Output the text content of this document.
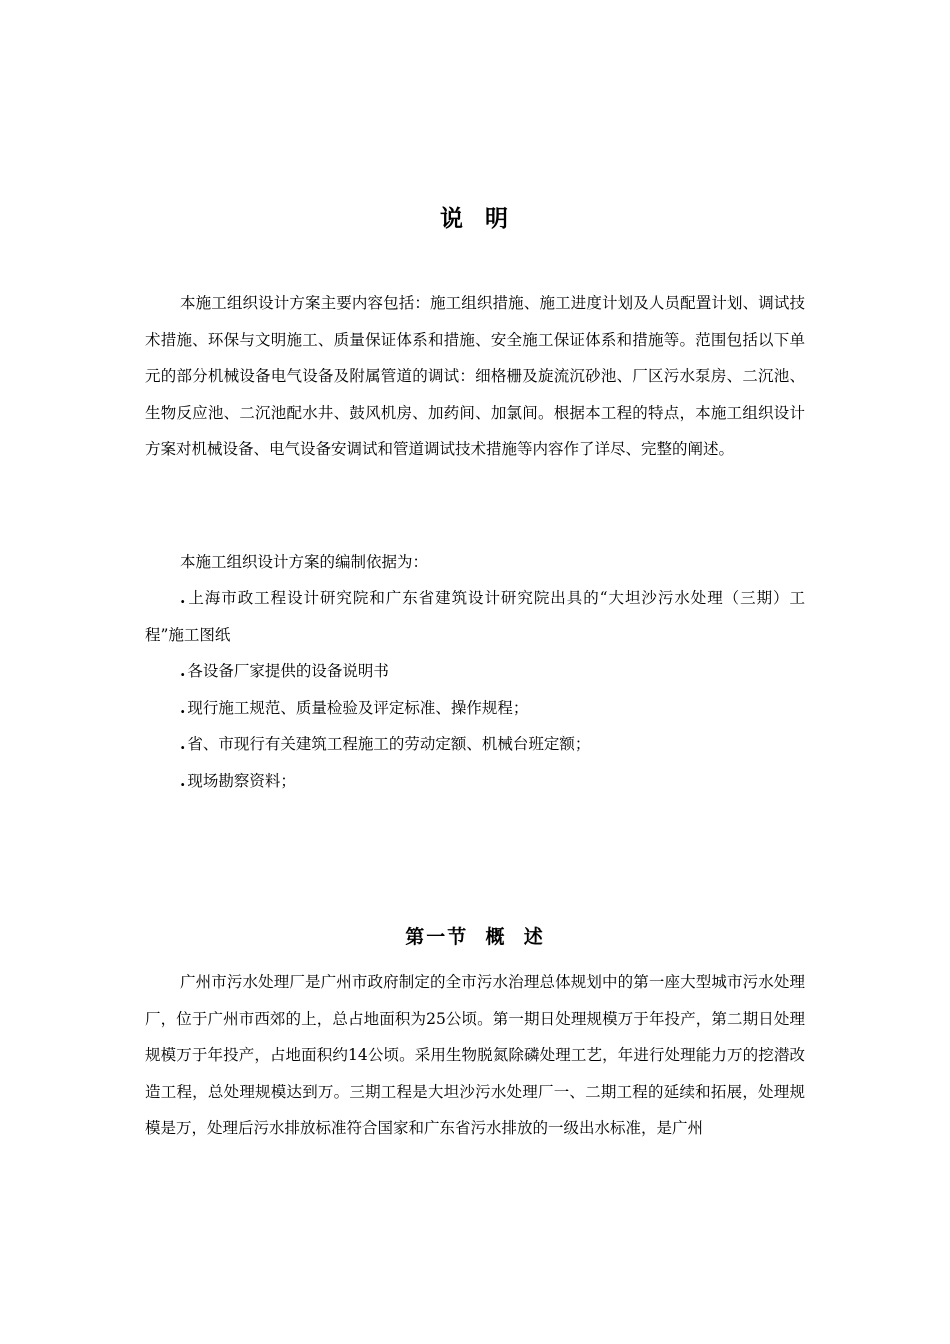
说  明

本施工组织设计方案主要内容包括：施工组织措施、施工进度计划及人员配置计划、调试技术措施、环保与文明施工、质量保证体系和措施、安全施工保证体系和措施等。范围包括以下单元的部分机械设备电气设备及附属管道的调试：细格栅及旋流沉砂池、厂区污水泵房、二沉池、生物反应池、二沉池配水井、鼓风机房、加药间、加氯间。根据本工程的特点，本施工组织设计方案对机械设备、电气设备安调试和管道调试技术措施等内容作了详尽、完整的阐述。

本施工组织设计方案的编制依据为：

. 上海市政工程设计研究院和广东省建筑设计研究院出具的“大坦沙污水处理（三期）工程”施工图纸
. 各设备厂家提供的设备说明书
. 现行施工规范、质量检验及评定标准、操作规程；
. 省、市现行有关建筑工程施工的劳动定额、机械台班定额；
. 现场勘察资料；
第一节  概  述

广州市污水处理厂是广州市政府制定的全市污水治理总体规划中的第一座大型城市污水处理厂，位于广州市西郊的上，总占地面积为25公顷。第一期日处理规模万于年投产，第二期日处理规模万于年投产，占地面积约14公顷。采用生物脱氮除磷处理工艺，年进行处理能力万的挖潜改造工程，总处理规模达到万。三期工程是大坦沙污水处理厂一、二期工程的延续和拓展，处理规模是万，处理后污水排放标准符合国家和广东省污水排放的一级出水标准，是广州
